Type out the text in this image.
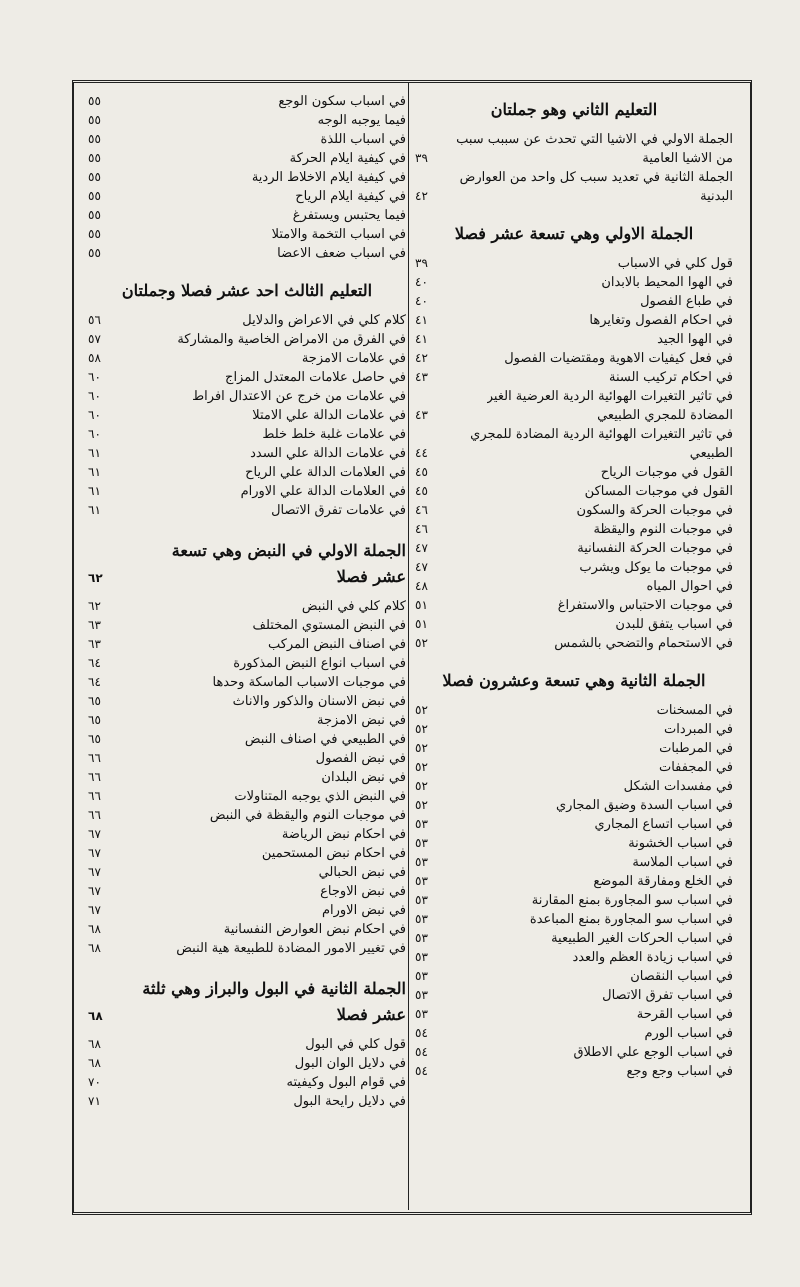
التعليم الثاني وهو جملتان
الجملة الاولي في الاشيا التي تحدث عن سببب سبب
من الاشيا العامية
٣٩
الجملة الثانية في تعديد سبب كل واحد من العوارض
البدنية
٤٢
الجملة الاولي وهي تسعة عشر فصلا
قول كلي في الاسباب
٣٩
في الهوا المحيط بالابدان
٤٠
في طباع الفصول
٤٠
في احكام الفصول وتغايرها
٤١
في الهوا الجيد
٤١
في فعل كيفيات الاهوية ومقتضيات الفصول
٤٢
في احكام تركيب السنة
٤٣
في تاثير التغيرات الهوائية الردية العرضية الغير
المضادة للمجري الطبيعي
٤٣
في تاثير التغيرات الهوائية الردية المضادة للمجري
الطبيعي
٤٤
القول في موجبات الرياح
٤٥
القول في موجبات المساكن
٤٥
في موجبات الحركة والسكون
٤٦
في موجبات النوم واليقظة
٤٦
في موجبات الحركة النفسانية
٤٧
في موجبات ما يوكل ويشرب
٤٧
في احوال المياه
٤٨
في موجبات الاحتباس والاستفراغ
٥١
في اسباب يتفق للبدن
٥١
في الاستحمام والتضحي بالشمس
٥٢
الجملة الثانية وهي تسعة وعشرون فصلا
في المسخنات
٥٢
في المبردات
٥٢
في المرطبات
٥٢
في المجففات
٥٢
في مفسدات الشكل
٥٢
في اسباب السدة وضيق المجاري
٥٢
في اسباب اتساع المجاري
٥٣
في اسباب الخشونة
٥٣
في اسباب الملاسة
٥٣
في الخلع ومفارقة الموضع
٥٣
في اسباب سو المجاورة بمنع المقارنة
٥٣
في اسباب سو المجاورة بمنع المباعدة
٥٣
في اسباب الحركات الغير الطبيعية
٥٣
في اسباب زيادة العظم والعدد
٥٣
في اسباب النقصان
٥٣
في اسباب تفرق الاتصال
٥٣
في اسباب القرحة
٥٣
في اسباب الورم
٥٤
في اسباب الوجع علي الاطلاق
٥٤
في اسباب وجع وجع
٥٤
في اسباب سكون الوجع
٥٥
فيما يوجبه الوجه
٥٥
في اسباب اللذة
٥٥
في كيفية ايلام الحركة
٥٥
في كيفية ايلام الاخلاط الردية
٥٥
في كيفية ايلام الرياح
٥٥
فيما يحتبس ويستفرغ
٥٥
في اسباب التخمة والامتلا
٥٥
في اسباب ضعف الاعضا
٥٥
التعليم الثالث احد عشر فصلا وجملتان
كلام كلي في الاعراض والدلايل
٥٦
في الفرق من الامراض الخاصية والمشاركة
٥٧
في علامات الامزجة
٥٨
في حاصل علامات المعتدل المزاج
٦٠
في علامات من خرج عن الاعتدال افراط
٦٠
في علامات الدالة علي الامتلا
٦٠
في علامات غلبة خلط خلط
٦٠
في علامات الدالة علي السدد
٦١
في العلامات الدالة علي الرياح
٦١
في العلامات الدالة علي الاورام
٦١
في علامات تفرق الاتصال
٦١
الجملة الاولي في النبض وهي تسعة
عشر فصلا
٦٢
كلام كلي في النبض
٦٢
في النبض المستوي المختلف
٦٣
في اصناف النبض المركب
٦٣
في اسباب انواع النبض المذكورة
٦٤
في موجبات الاسباب الماسكة وحدها
٦٤
في نبض الاسنان والذكور والاناث
٦٥
في نبض الامزجة
٦٥
في الطبيعي في اصناف النبض
٦٥
في نبض الفصول
٦٦
في نبض البلدان
٦٦
في النبض الذي يوجبه المتناولات
٦٦
في موجبات النوم واليقظة في النبض
٦٦
في احكام نبض الرياضة
٦٧
في احكام نبض المستحمين
٦٧
في نبض الحبالي
٦٧
في نبض الاوجاع
٦٧
في نبض الاورام
٦٧
في احكام نبض العوارض النفسانية
٦٨
في تغيير الامور المضادة للطبيعة هية النبض
٦٨
الجملة الثانية في البول والبراز وهي ثلثة
عشر فصلا
٦٨
قول كلي في البول
٦٨
في دلايل الوان البول
٦٨
في قوام البول وكيفيته
٧٠
في دلايل رايحة البول
٧١
